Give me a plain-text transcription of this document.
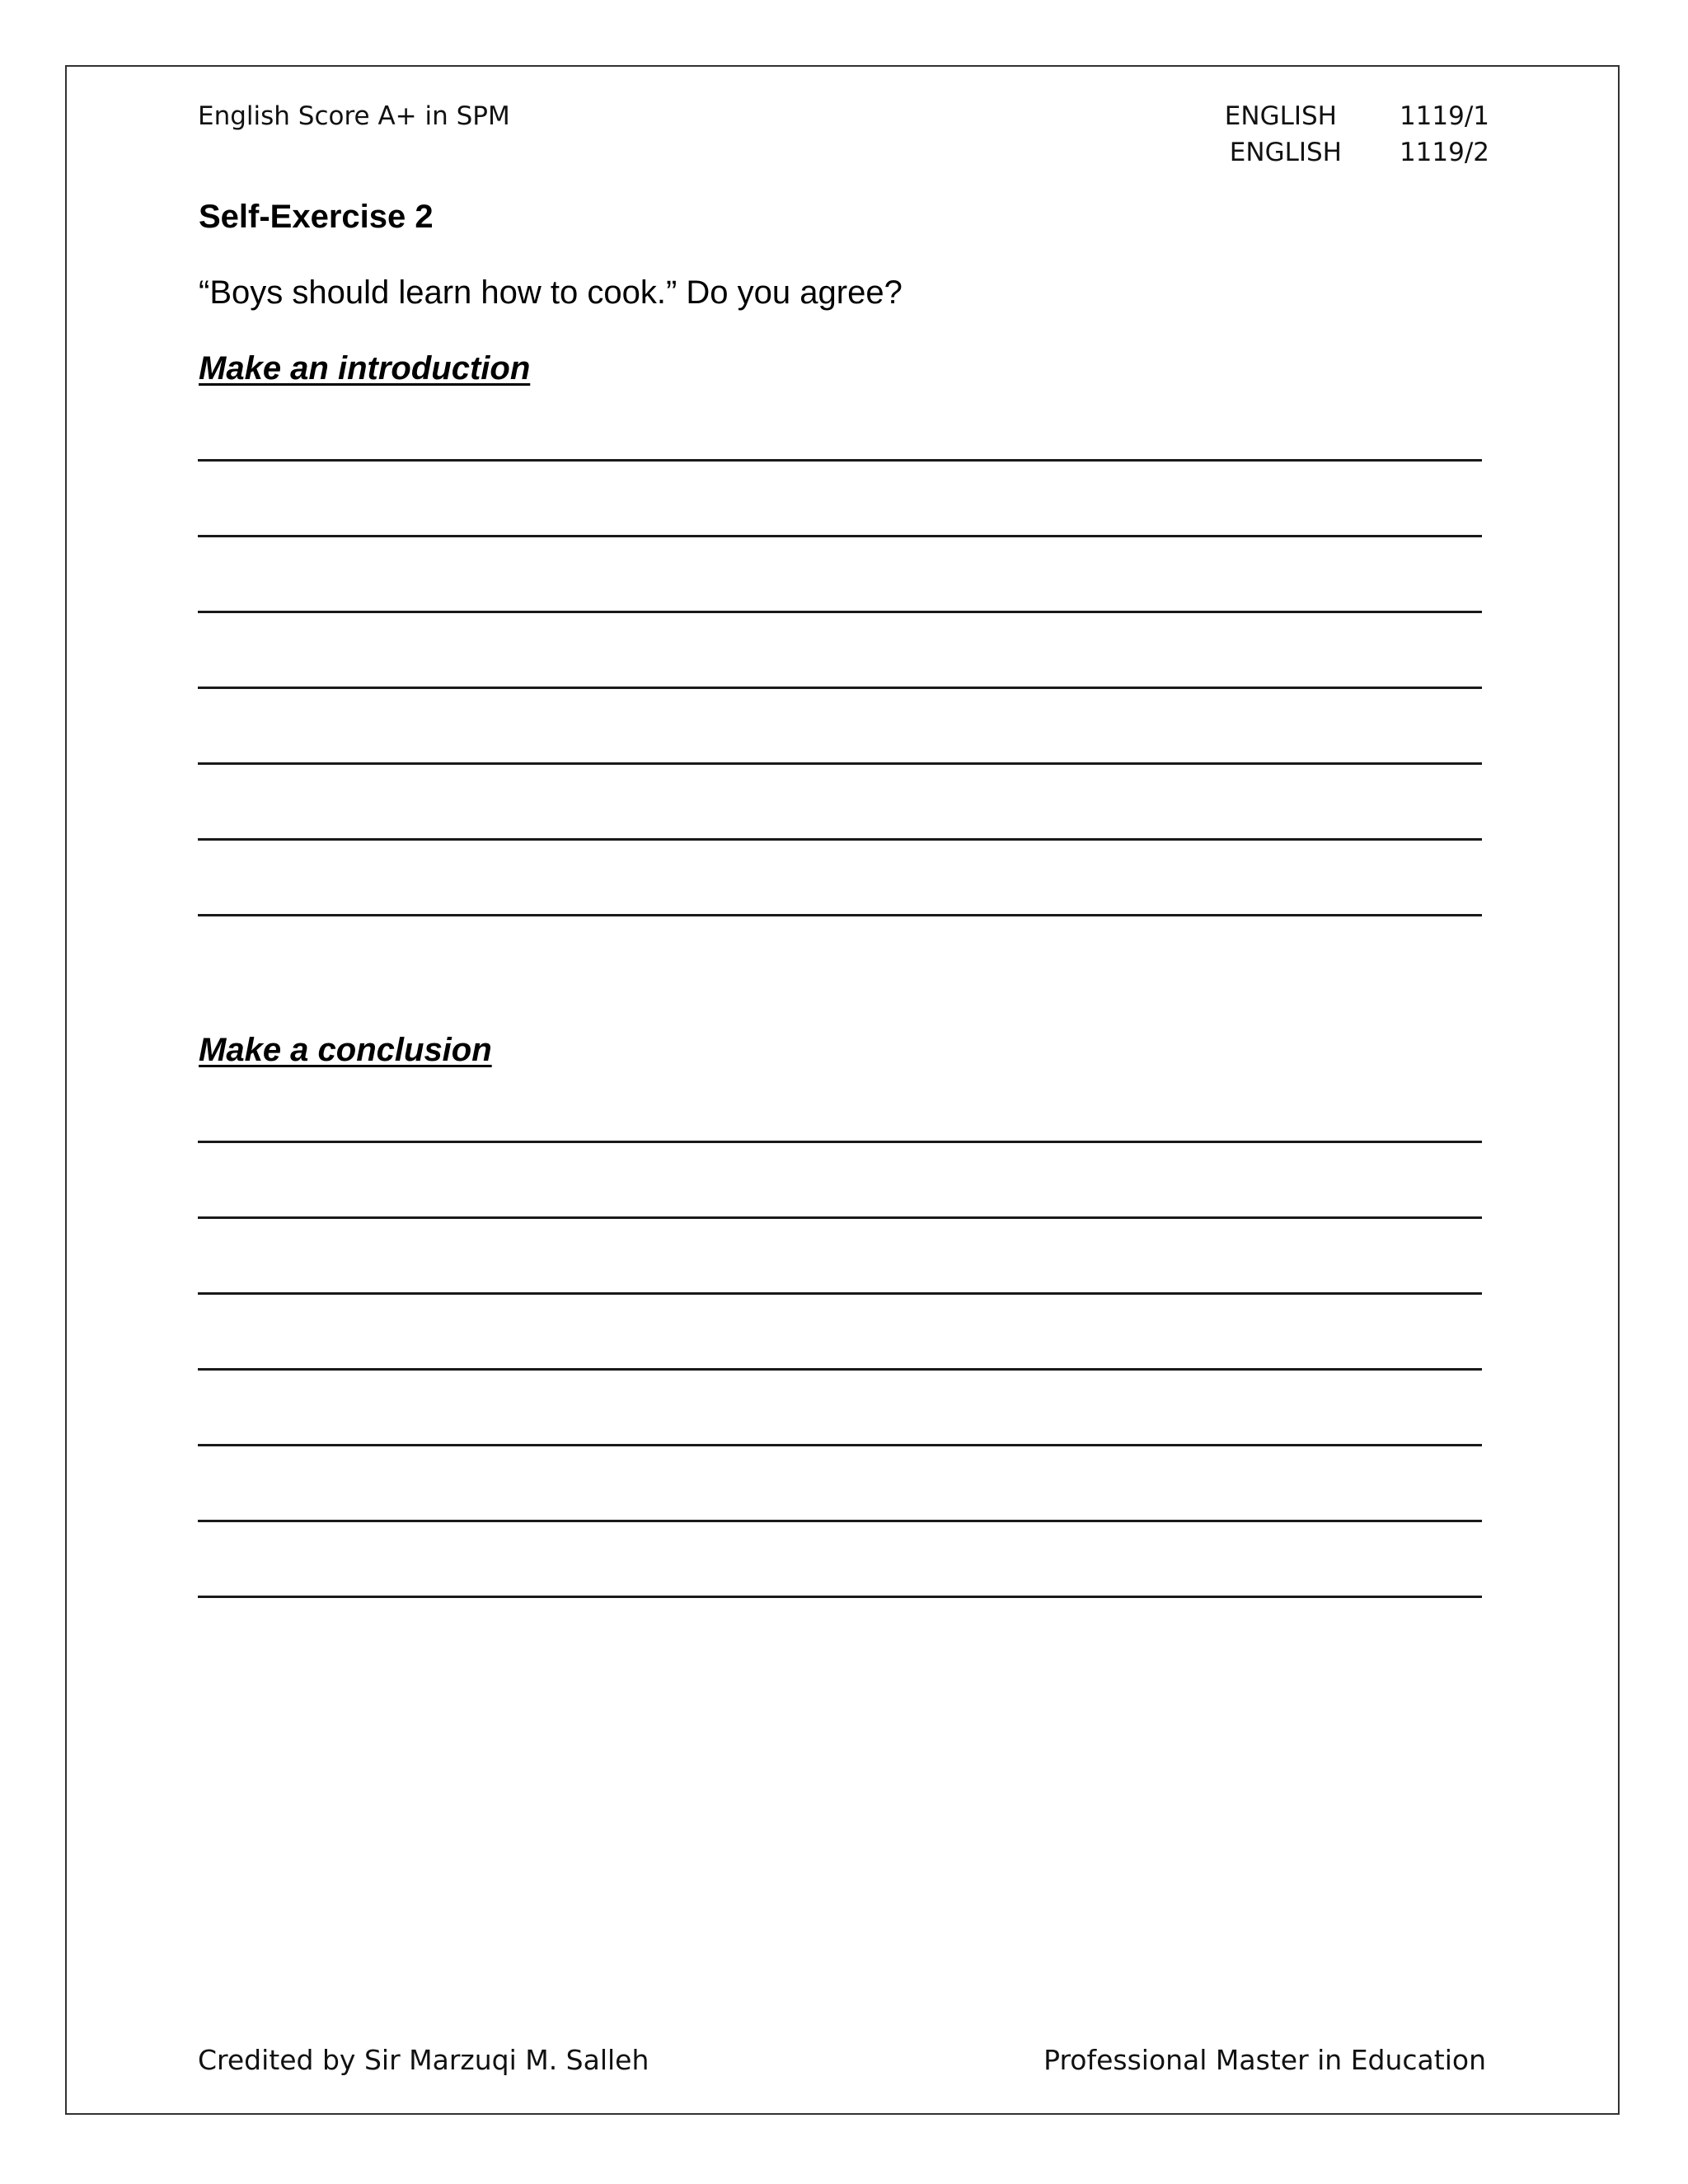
English Score A+ in SPM	ENGLISH	1119/1
ENGLISH	1119/2
Self-Exercise 2
“Boys should learn how to cook.” Do you agree?
Make an introduction
Make a conclusion
Credited by Sir Marzuqi M. Salleh	Professional Master in Education
